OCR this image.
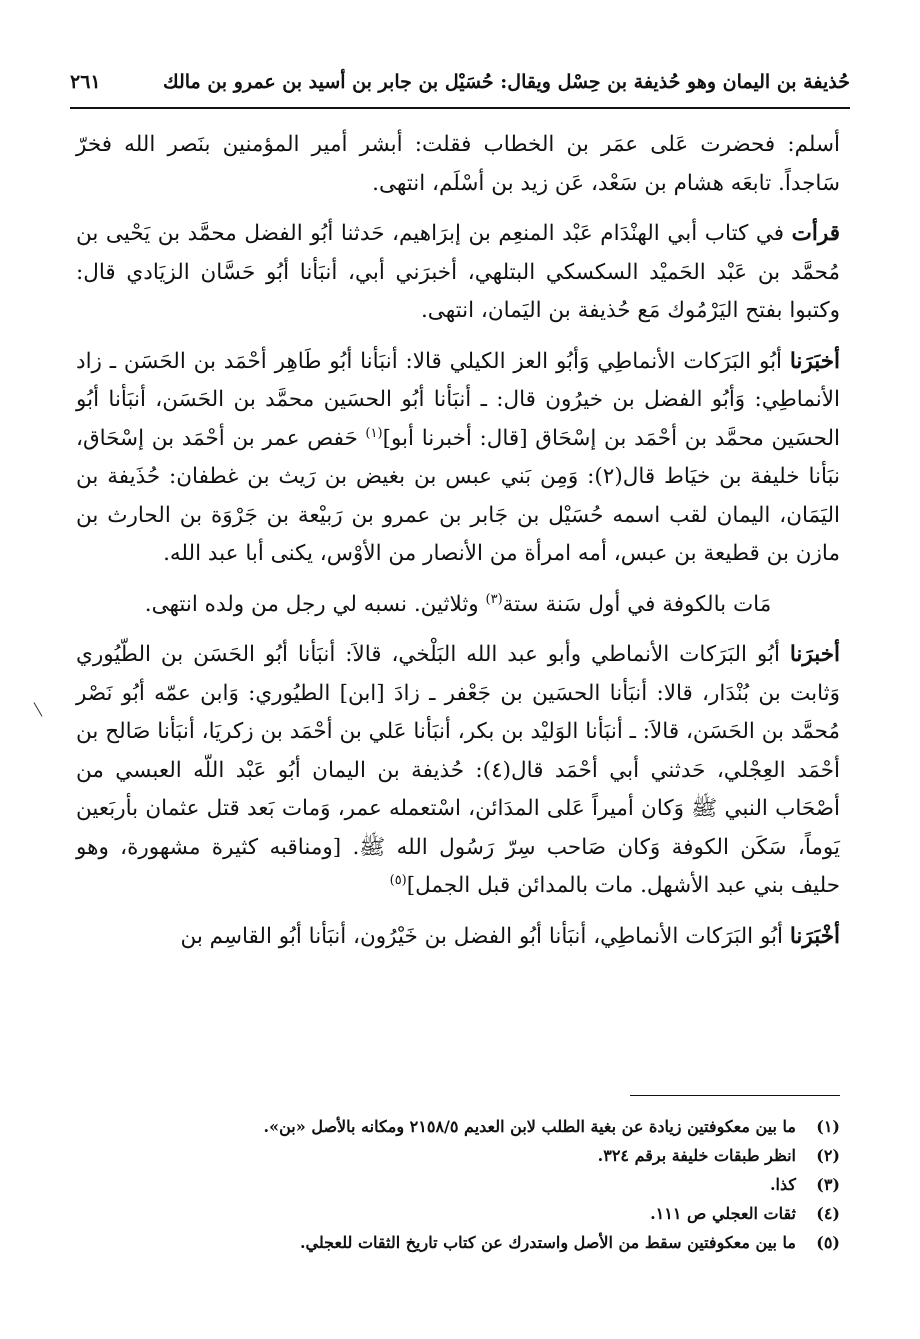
حُذيفة بن اليمان وهو حُذيفة بن حِسْل ويقال: حُسَيْل بن جابر بن أسيد بن عمرو بن مالك
٢٦١

أسلم: فحضرت عَلى عمَر بن الخطاب فقلت: أبشر أمير المؤمنين بنَصر الله فخرّ سَاجداً. تابعَه هشام بن سَعْد، عَن زيد بن أسْلَم، انتهى.

قرأت في كتاب أبي الهنْدَام عَبْد المنعِم بن إبرَاهيم، حَدثنا أبُو الفضل محمَّد بن يَحْيى بن مُحمَّد بن عَبْد الحَميْد السكسكي البتلهي، أخبرَني أبي، أنبَأنا أبُو حَسَّان الزيَادي قال: وكتبوا بفتح اليَرْمُوك مَع حُذيفة بن اليَمان، انتهى.

أخبَرَنا أبُو البَرَكات الأنماطِي وَأبُو العز الكيلي قالا: أنبَأنا أبُو طَاهِر أحْمَد بن الحَسَن ـ زاد الأنماطِي: وَأبُو الفضل بن خيرُون قال: ـ أنبَأنا أبُو الحسَين محمَّد بن الحَسَن، أنبَأنا أبُو الحسَين محمَّد بن أحْمَد بن إسْحَاق [قال: أخبرنا أبو]$^{(١)}$ حَفص عمر بن أحْمَد بن إسْحَاق، نبَأنا خليفة بن خيَاط قال(٢): وَمِن بَني عبس بن بغيض بن رَيث بن غطفان: حُذَيفة بن اليَمَان، اليمان لقب اسمه حُسَيْل بن جَابر بن عمرو بن رَبيْعة بن جَرْوَة بن الحارث بن مازن بن قطيعة بن عبس، أمه امرأة من الأنصار من الأوْس، يكنى أبا عبد الله.

مَات بالكوفة في أول سَنة ستة$^{(٣)}$ وثلاثين. نسبه لي رجل من ولده انتهى.

أخبرَنا أبُو البَرَكات الأنماطي وأبو عبد الله البَلْخي، قالاَ: أنبَأنا أبُو الحَسَن بن الطّيُوري وَثابت بن بُنْدَار، قالا: أنبَأنا الحسَين بن جَعْفر ـ زادَ [ابن] الطيُوري: وَابن عمّه أبُو نَصْر مُحمَّد بن الحَسَن، قالاَ: ـ أنبَأنا الوَليْد بن بكر، أنبَأنا عَلي بن أحْمَد بن زكريَا، أنبَأنا صَالح بن أحْمَد العِجْلي، حَدثني أبي أحْمَد قال(٤): حُذيفة بن اليمان أبُو عَبْد اللّه العبسي من أصْحَاب النبي ﷺ وَكان أميراً عَلى المدَائن، اسْتعمله عمر، وَمات بَعد قتل عثمان بأربَعين يَوماً، سَكَن الكوفة وَكان صَاحب سِرّ رَسُول الله ﷺ. [ومناقبه كثيرة مشهورة، وهو حليف بني عبد الأشهل. مات بالمدائن قبل الجمل]$^{(٥)}$

أخْبَرَنا أبُو البَرَكات الأنماطِي، أنبَأنا أبُو الفضل بن خَيْرُون، أنبَأنا أبُو القاسِم بن

(١)
ما بين معكوفتين زيادة عن بغية الطلب لابن العديم ٢١٥٨/٥ ومكانه بالأصل «بن».
(٢)
انظر طبقات خليفة برقم ٣٢٤.
(٣)
كذا.
(٤)
ثقات العجلي ص ١١١.
(٥)
ما بين معكوفتين سقط من الأصل واستدرك عن كتاب تاريخ الثقات للعجلي.
